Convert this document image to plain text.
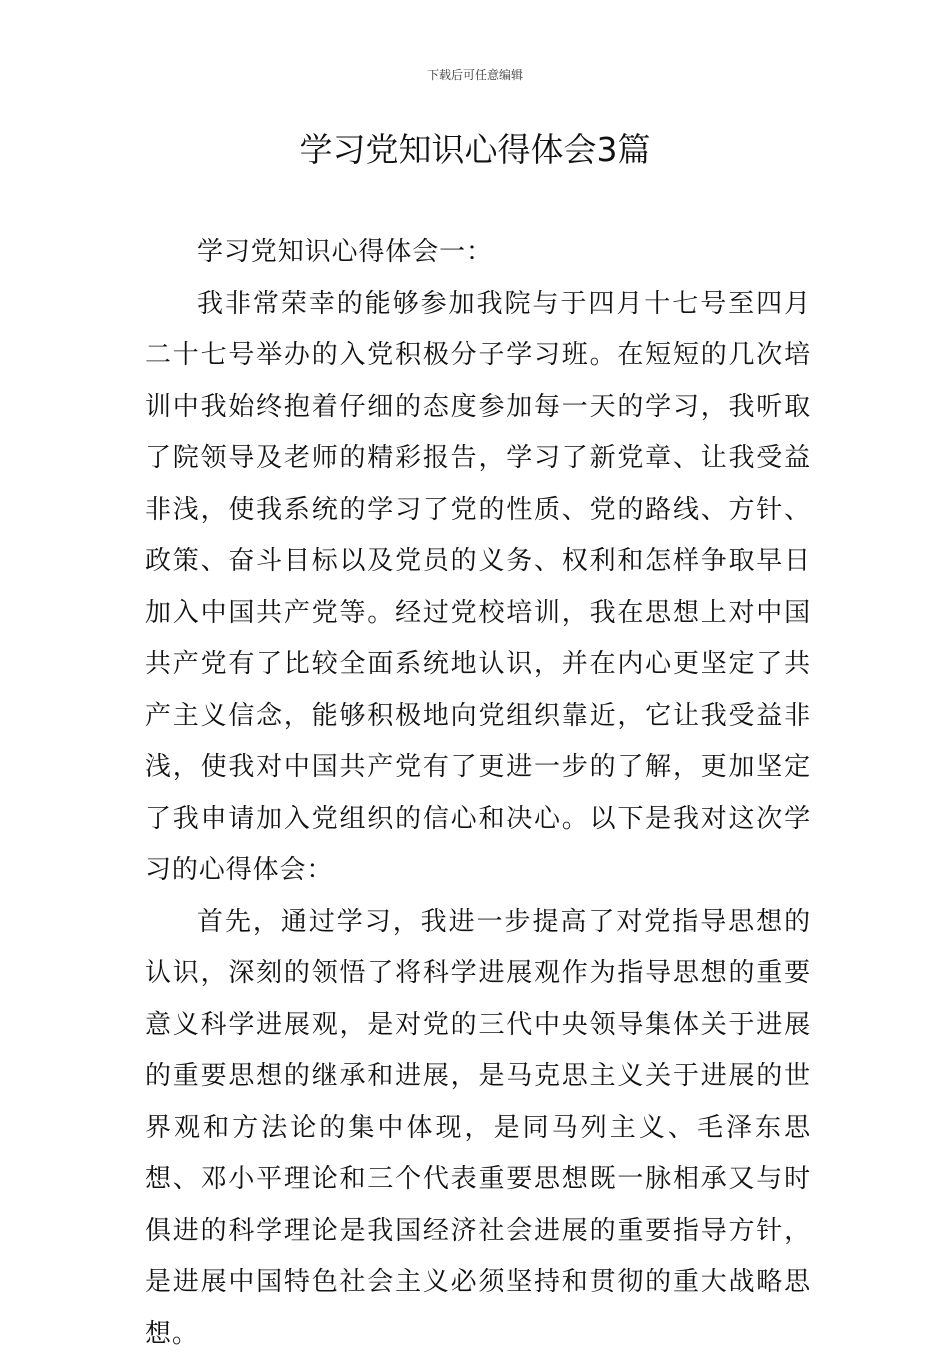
下载后可任意编辑
学习党知识心得体会3篇

学习党知识心得体会一：

我非常荣幸的能够参加我院与于四月十七号至四月二十七号举办的入党积极分子学习班。在短短的几次培训中我始终抱着仔细的态度参加每一天的学习，我听取了院领导及老师的精彩报告，学习了新党章、让我受益非浅，使我系统的学习了党的性质、党的路线、方针、政策、奋斗目标以及党员的义务、权利和怎样争取早日加入中国共产党等。经过党校培训，我在思想上对中国共产党有了比较全面系统地认识，并在内心更坚定了共产主义信念，能够积极地向党组织靠近，它让我受益非浅，使我对中国共产党有了更进一步的了解，更加坚定了我申请加入党组织的信心和决心。以下是我对这次学习的心得体会：

首先，通过学习，我进一步提高了对党指导思想的认识，深刻的领悟了将科学进展观作为指导思想的重要意义科学进展观，是对党的三代中央领导集体关于进展的重要思想的继承和进展，是马克思主义关于进展的世界观和方法论的集中体现，是同马列主义、毛泽东思想、邓小平理论和三个代表重要思想既一脉相承又与时俱进的科学理论是我国经济社会进展的重要指导方针，是进展中国特色社会主义必须坚持和贯彻的重大战略思想。
